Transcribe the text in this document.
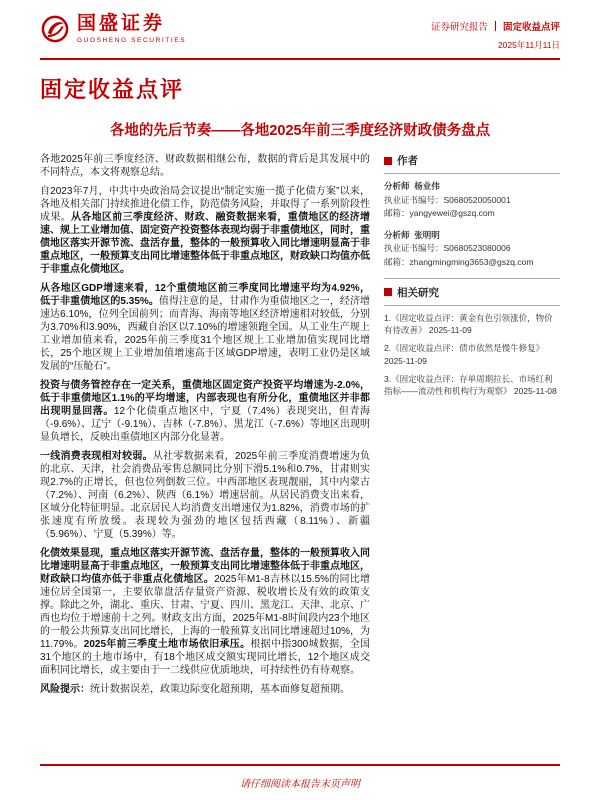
国盛证券
GUOSHENG SECURITIES
证券研究报告 固定收益点评
2025年11月11日
固定收益点评
各地的先后节奏——各地2025年前三季度经济财政债务盘点

各地2025年前三季度经济、财政数据相继公布，数据的背后是其发展中的不同特点，本文将观察总结。

自2023年7月，中共中央政治局会议提出“制定实施一揽子化债方案”以来，各地及相关部门持续推进化债工作，防范债务风险，并取得了一系列阶段性成果。从各地区前三季度经济、财政、融资数据来看，重债地区的经济增速、规上工业增加值、固定资产投资整体表现均弱于非重债地区，同时，重债地区落实开源节流、盘活存量，整体的一般预算收入同比增速明显高于非重点地区，一般预算支出同比增速整体低于非重点地区，财政缺口均值亦低于非重点化债地区。

从各地区GDP增速来看，12个重债地区前三季度同比增速平均为4.92%，低于非重债地区的5.35%。值得注意的是，甘肃作为重债地区之一，经济增速达6.10%，位列全国前列；而青海、海南等地区经济增速相对较低，分别为3.70%和3.90%，西藏自治区以7.10%的增速领跑全国。从工业生产规上工业增加值来看，2025年前三季度31个地区规上工业增加值实现同比增长，25个地区规上工业增加值增速高于区域GDP增速，表明工业仍是区域发展的“压舱石”。

投资与债务管控存在一定关系，重债地区固定资产投资平均增速为-2.0%，低于非重债地区1.1%的平均增速，内部表现也有所分化，重债地区并非都出现明显回落。12个化债重点地区中，宁夏（7.4%）表现突出，但青海（-9.6%）、辽宁（-9.1%）、吉林（-7.8%）、黑龙江（-7.6%）等地区出现明显负增长，反映出重债地区内部分化显著。

一线消费表现相对较弱。从社零数据来看，2025年前三季度消费增速为负的北京、天津，社会消费品零售总额同比分别下滑5.1%和0.7%，甘肃则实现2.7%的正增长，但也位列倒数三位。中西部地区表现靓丽，其中内蒙古（7.2%）、河南（6.2%）、陕西（6.1%）增速居前。从居民消费支出来看，区域分化特征明显。北京居民人均消费支出增速仅为1.82%，消费市场的扩张速度有所放缓。表现较为强劲的地区包括西藏（8.11%）、新疆（5.96%）、宁夏（5.39%）等。

化债效果显现，重点地区落实开源节流、盘活存量，整体的一般预算收入同比增速明显高于非重点地区，一般预算支出同比增速整体低于非重点地区，财政缺口均值亦低于非重点化债地区。2025年M1-8吉林以15.5%的同比增速位居全国第一，主要依靠盘活存量资产资源、税收增长及有效的政策支撑。除此之外，湖北、重庆、甘肃、宁夏、四川、黑龙江、天津、北京、广西也均位于增速前十之列。财政支出方面，2025年M1-8时间段内23个地区的一般公共预算支出同比增长，上海的一般预算支出同比增速超过10%，为11.79%。2025年前三季度土地市场依旧承压。根据中指300城数据，全国31个地区的土地市场中，有18个地区成交额实现同比增长，12个地区成交面积同比增长，或主要由于一二线供应优质地块，可持续性仍有待观察。

风险提示：统计数据误差，政策边际变化超预期，基本面修复超预期。

作者
分析师 杨业伟
执业证书编号：S0680520050001
邮箱：yangyewei@gszq.com
分析师 张明明
执业证书编号：S0680523080006
邮箱：zhangmingming3653@gszq.com
相关研究
1.《固定收益点评：黄金有色引领涨价，物价有待改善》 2025-11-09
2.《固定收益点评：债市依然是慢牛修复》 2025-11-09
3.《固定收益点评：存单周期拉长、市场红利指标——流动性和机构行为观察》 2025-11-08
请仔细阅读本报告末页声明
